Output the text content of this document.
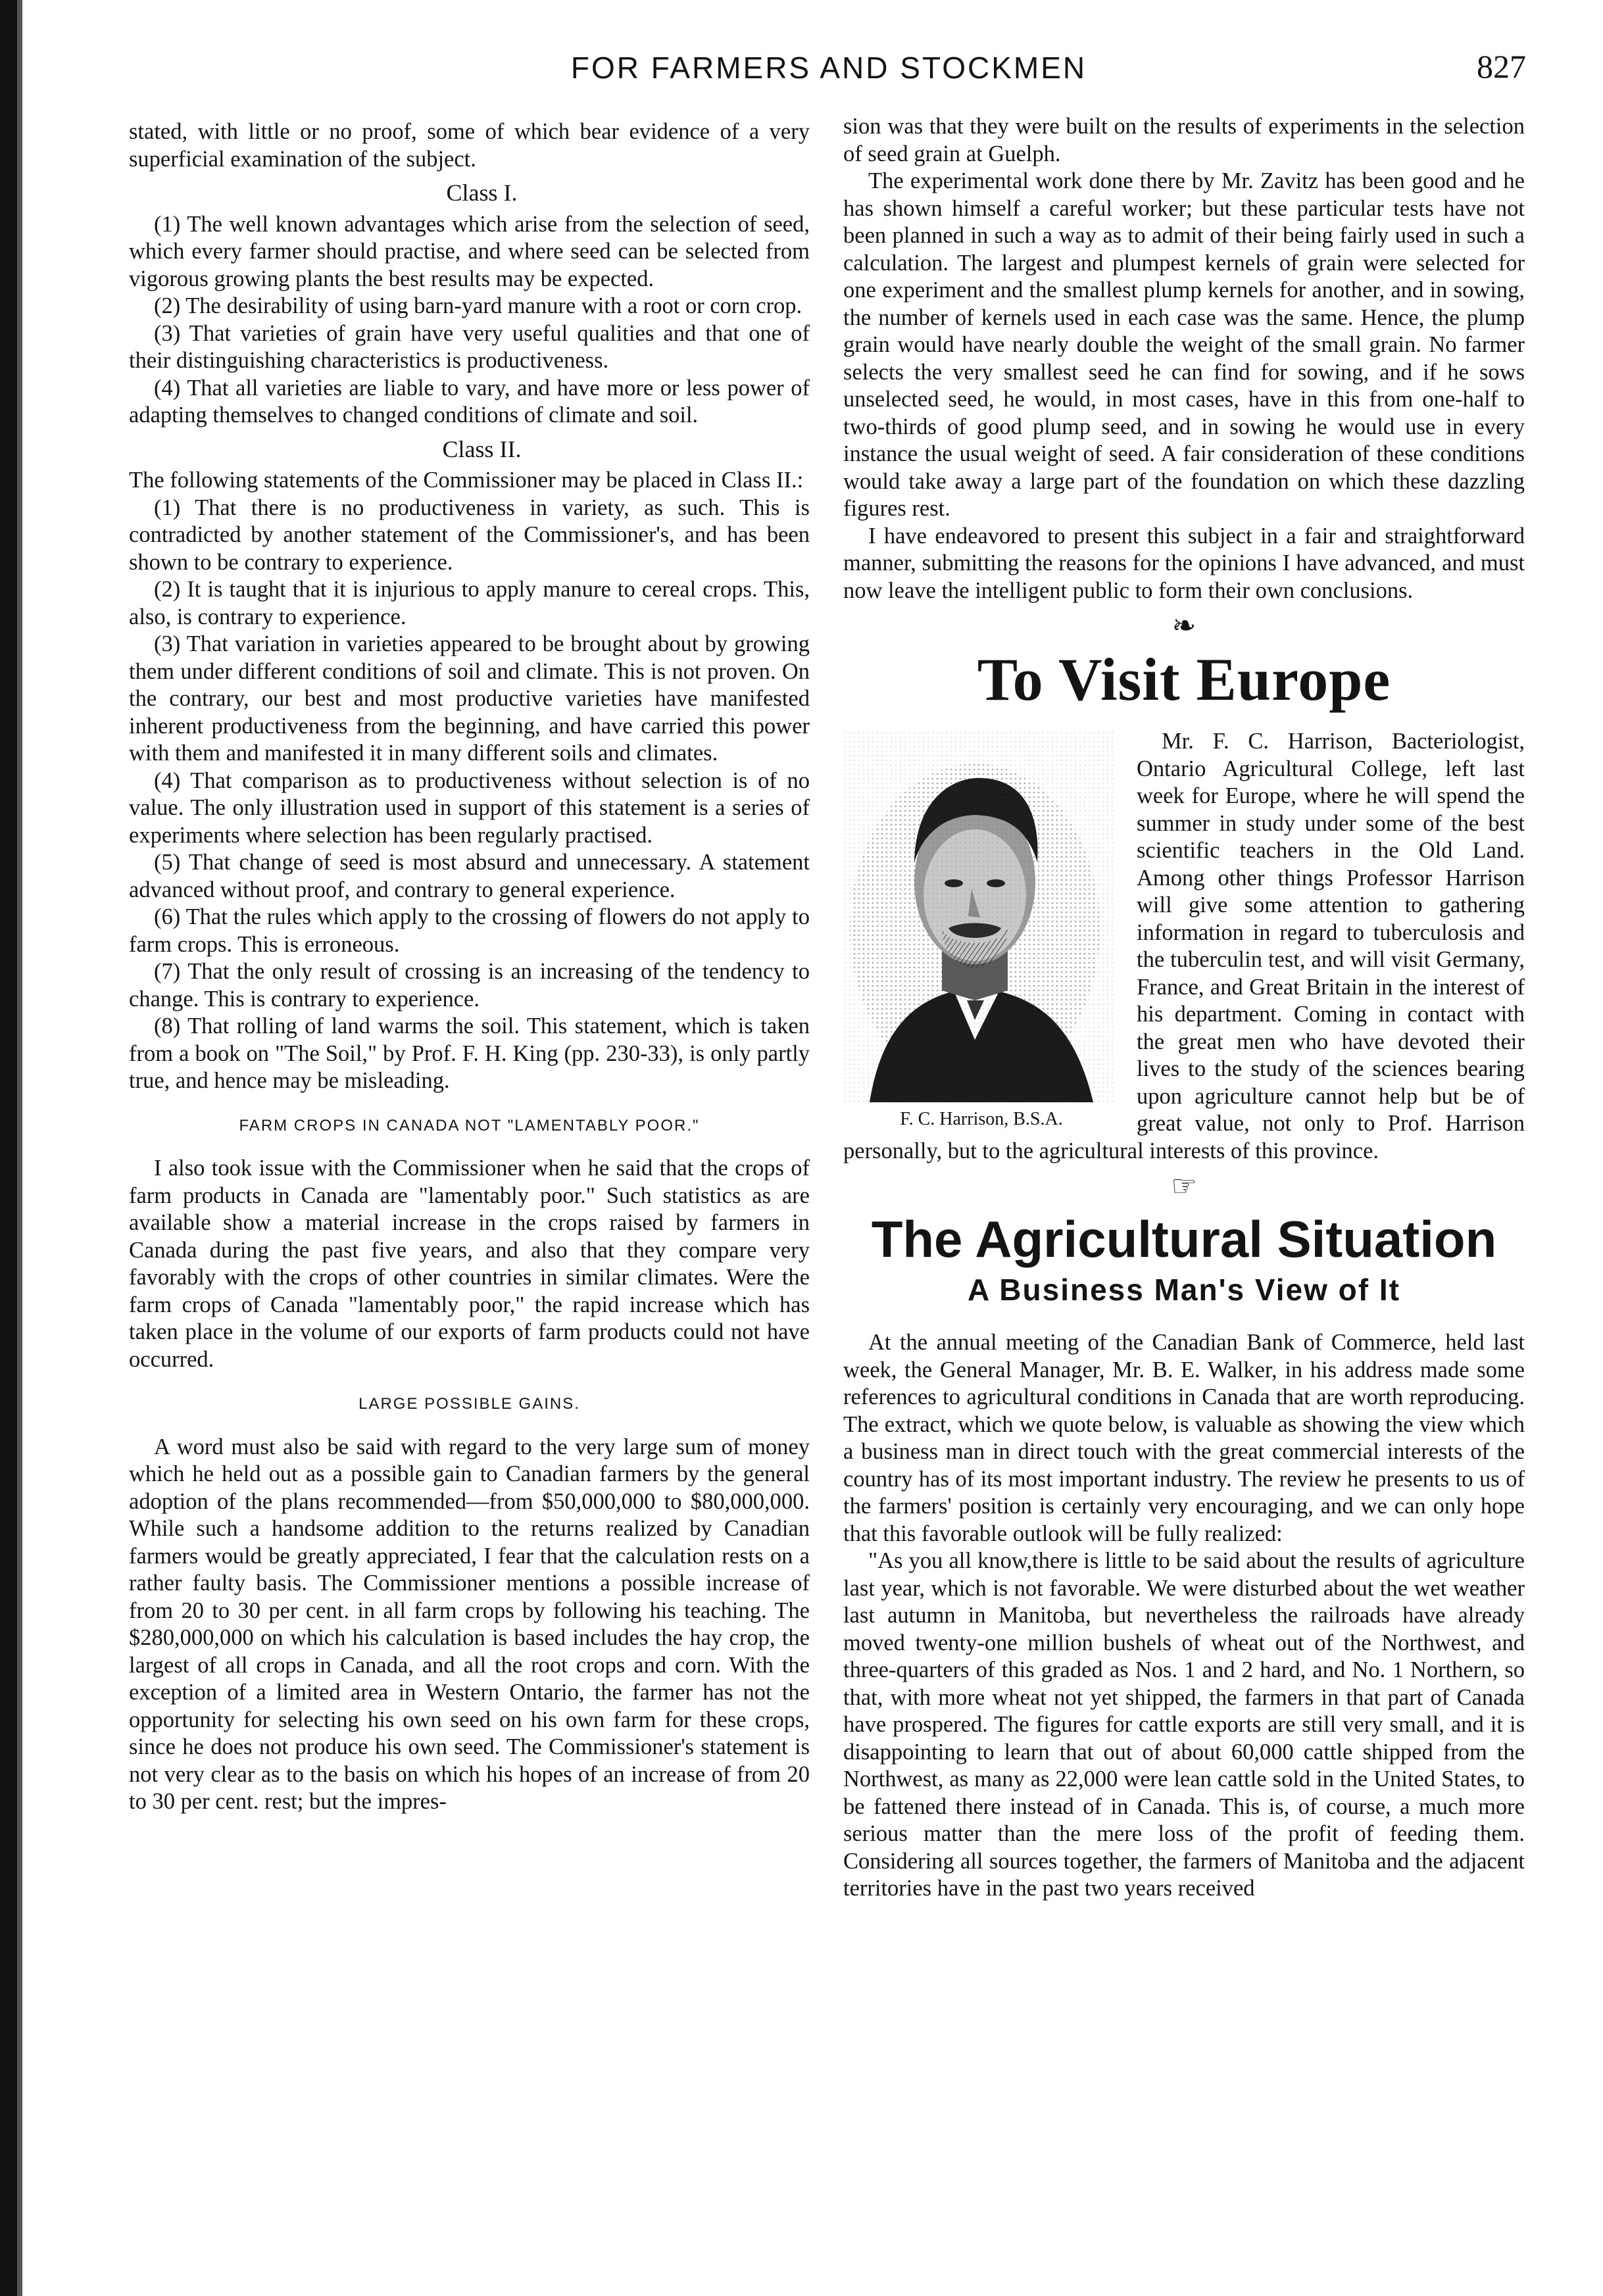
FOR FARMERS AND STOCKMEN	827

stated, with little or no proof, some of which bear evidence of a very superficial examination of the subject.

Class I.

(1) The well known advantages which arise from the selection of seed, which every farmer should practise, and where seed can be selected from vigorous growing plants the best results may be expected.

(2) The desirability of using barn-yard manure with a root or corn crop.

(3) That varieties of grain have very useful qualities and that one of their distinguishing characteristics is productiveness.

(4) That all varieties are liable to vary, and have more or less power of adapting themselves to changed conditions of climate and soil.

Class II.

The following statements of the Commissioner may be placed in Class II.:

(1) That there is no productiveness in variety, as such. This is contradicted by another statement of the Commissioner's, and has been shown to be contrary to experience.

(2) It is taught that it is injurious to apply manure to cereal crops. This, also, is contrary to experience.

(3) That variation in varieties appeared to be brought about by growing them under different conditions of soil and climate. This is not proven. On the contrary, our best and most productive varieties have manifested inherent productiveness from the beginning, and have carried this power with them and manifested it in many different soils and climates.

(4) That comparison as to productiveness without selection is of no value. The only illustration used in support of this statement is a series of experiments where selection has been regularly practised.

(5) That change of seed is most absurd and unnecessary. A statement advanced without proof, and contrary to general experience.

(6) That the rules which apply to the crossing of flowers do not apply to farm crops. This is erroneous.

(7) That the only result of crossing is an increasing of the tendency to change. This is contrary to experience.

(8) That rolling of land warms the soil. This statement, which is taken from a book on "The Soil," by Prof. F. H. King (pp. 230-33), is only partly true, and hence may be misleading.

FARM CROPS IN CANADA NOT "LAMENTABLY POOR."

I also took issue with the Commissioner when he said that the crops of farm products in Canada are "lamentably poor." Such statistics as are available show a material increase in the crops raised by farmers in Canada during the past five years, and also that they compare very favorably with the crops of other countries in similar climates. Were the farm crops of Canada "lamentably poor," the rapid increase which has taken place in the volume of our exports of farm products could not have occurred.

LARGE POSSIBLE GAINS.

A word must also be said with regard to the very large sum of money which he held out as a possible gain to Canadian farmers by the general adoption of the plans recommended—from $50,000,000 to $80,000,000. While such a handsome addition to the returns realized by Canadian farmers would be greatly appreciated, I fear that the calculation rests on a rather faulty basis. The Commissioner mentions a possible increase of from 20 to 30 per cent. in all farm crops by following his teaching. The $280,000,000 on which his calculation is based includes the hay crop, the largest of all crops in Canada, and all the root crops and corn. With the exception of a limited area in Western Ontario, the farmer has not the opportunity for selecting his own seed on his own farm for these crops, since he does not produce his own seed. The Commissioner's statement is not very clear as to the basis on which his hopes of an increase of from 20 to 30 per cent. rest; but the impres-

sion was that they were built on the results of experiments in the selection of seed grain at Guelph.

The experimental work done there by Mr. Zavitz has been good and he has shown himself a careful worker; but these particular tests have not been planned in such a way as to admit of their being fairly used in such a calculation. The largest and plumpest kernels of grain were selected for one experiment and the smallest plump kernels for another, and in sowing, the number of kernels used in each case was the same. Hence, the plump grain would have nearly double the weight of the small grain. No farmer selects the very smallest seed he can find for sowing, and if he sows unselected seed, he would, in most cases, have in this from one-half to two-thirds of good plump seed, and in sowing he would use in every instance the usual weight of seed. A fair consideration of these conditions would take away a large part of the foundation on which these dazzling figures rest.

I have endeavored to present this subject in a fair and straightforward manner, submitting the reasons for the opinions I have advanced, and must now leave the intelligent public to form their own conclusions.

❧
To Visit Europe
F. C. Harrison, B.S.A.

Mr. F. C. Harrison, Bacteriologist, Ontario Agricultural College, left last week for Europe, where he will spend the summer in study under some of the best scientific teachers in the Old Land. Among other things Professor Harrison will give some attention to gathering information in regard to tuberculosis and the tuberculin test, and will visit Germany, France, and Great Britain in the interest of his department. Coming in contact with the great men who have devoted their lives to the study of the sciences bearing upon agriculture cannot help but be of great value, not only to Prof. Harrison personally, but to the agricultural interests of this province.

☞
The Agricultural Situation
A Business Man's View of It

At the annual meeting of the Canadian Bank of Commerce, held last week, the General Manager, Mr. B. E. Walker, in his address made some references to agricultural conditions in Canada that are worth reproducing. The extract, which we quote below, is valuable as showing the view which a business man in direct touch with the great commercial interests of the country has of its most important industry. The review he presents to us of the farmers' position is certainly very encouraging, and we can only hope that this favorable outlook will be fully realized:

"As you all know,there is little to be said about the results of agriculture last year, which is not favorable. We were disturbed about the wet weather last autumn in Manitoba, but nevertheless the railroads have already moved twenty-one million bushels of wheat out of the Northwest, and three-quarters of this graded as Nos. 1 and 2 hard, and No. 1 Northern, so that, with more wheat not yet shipped, the farmers in that part of Canada have prospered. The figures for cattle exports are still very small, and it is disappointing to learn that out of about 60,000 cattle shipped from the Northwest, as many as 22,000 were lean cattle sold in the United States, to be fattened there instead of in Canada. This is, of course, a much more serious matter than the mere loss of the profit of feeding them. Considering all sources together, the farmers of Manitoba and the adjacent territories have in the past two years received
